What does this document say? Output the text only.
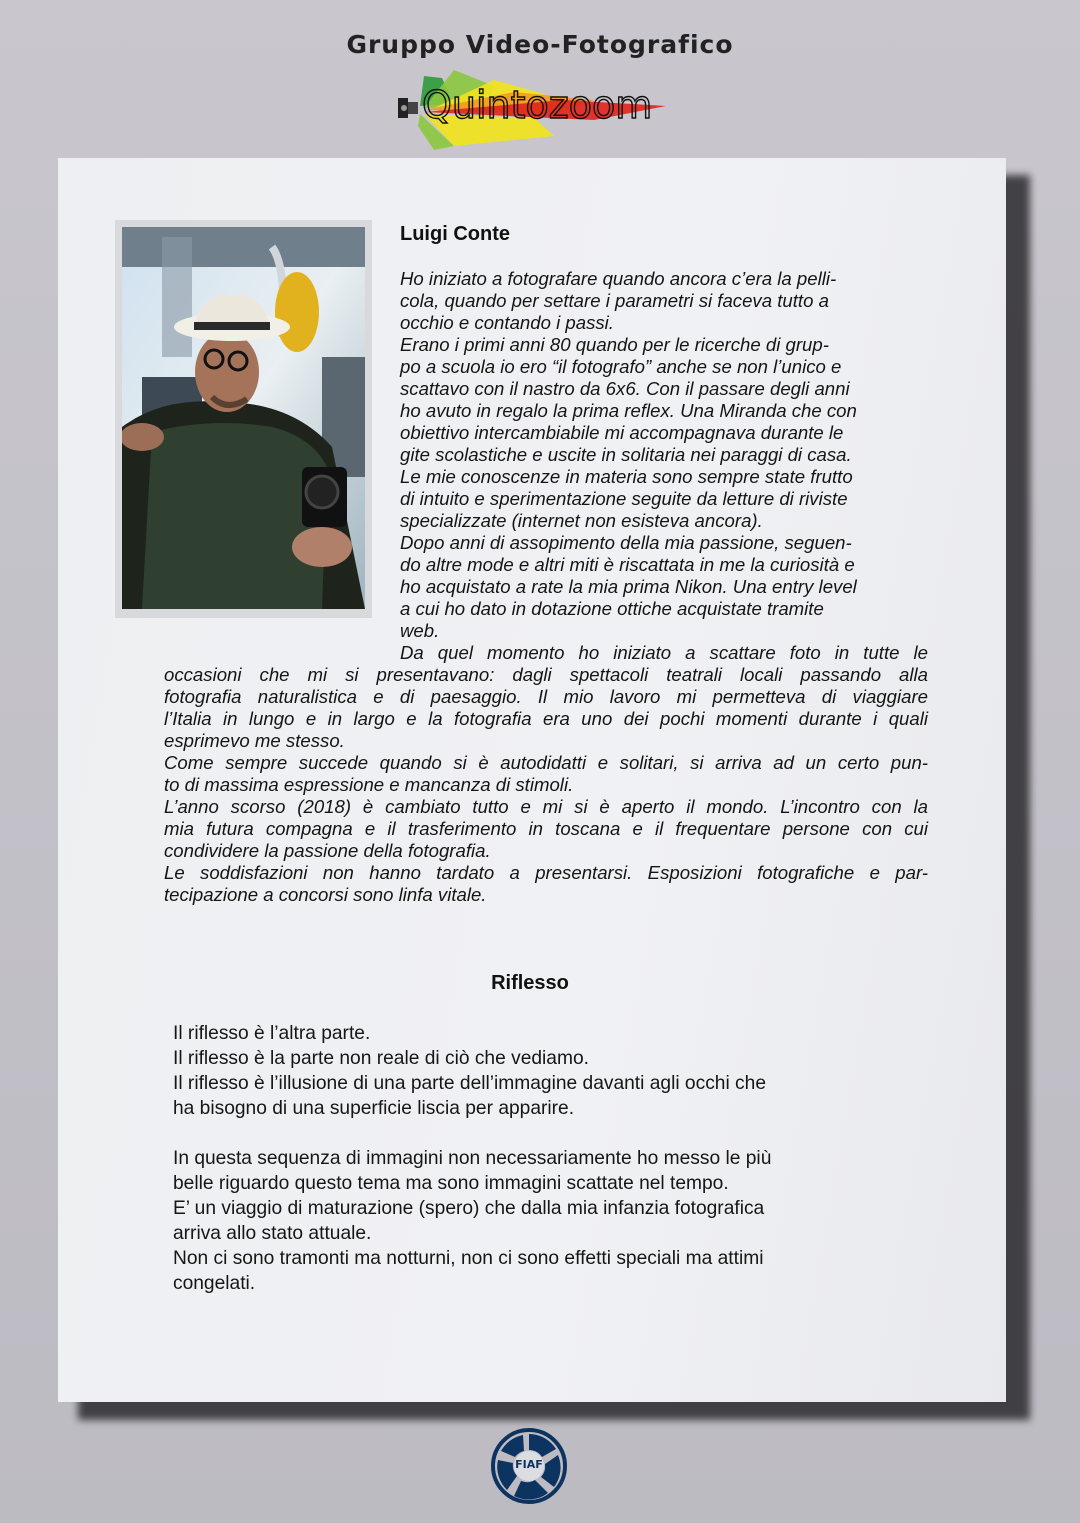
Gruppo Video-Fotografico
Quintozoom
Luigi Conte

Ho iniziato a fotografare quando ancora c’era la pelli-

cola, quando per settare i parametri si faceva tutto a

occhio e contando i passi.

Erano i primi anni 80 quando per le ricerche di grup-

po a scuola io ero “il fotografo” anche se non l’unico e

scattavo con il nastro da 6x6. Con il passare degli anni

ho avuto in regalo la prima reflex. Una Miranda che con

obiettivo intercambiabile mi accompagnava durante le

gite scolastiche e uscite in solitaria nei paraggi di casa.

Le mie conoscenze in materia sono sempre state frutto

di intuito e sperimentazione seguite da letture di riviste

specializzate (internet non esisteva ancora).

Dopo anni di assopimento della mia passione, seguen-

do altre mode e altri miti è riscattata in me la curiosità e

ho acquistato a rate la mia prima Nikon. Una entry level

a cui ho dato in dotazione ottiche acquistate tramite

web.

Da quel momento ho iniziato a scattare foto in tutte le

occasioni che mi si presentavano: dagli spettacoli teatrali locali passando alla

fotografia naturalistica e di paesaggio. Il mio lavoro mi permetteva di viaggiare

l’Italia in lungo e in largo e la fotografia era uno dei pochi momenti durante i quali

esprimevo me stesso.

Come sempre succede quando si è autodidatti e solitari, si arriva ad un certo pun-

to di massima espressione e mancanza di stimoli.

L’anno scorso (2018) è cambiato tutto e mi si è aperto il mondo. L’incontro con la

mia futura compagna e il trasferimento in toscana e il frequentare persone con cui

condividere la passione della fotografia.

Le soddisfazioni non hanno tardato a presentarsi. Esposizioni fotografiche e par-

tecipazione a concorsi sono linfa vitale.

Riflesso

Il riflesso è l’altra parte.

Il riflesso è la parte non reale di ciò che vediamo.

Il riflesso è l’illusione di una parte dell’immagine davanti agli occhi che

ha bisogno di una superficie liscia per apparire.

In questa sequenza di immagini non necessariamente ho messo le più

belle riguardo questo tema ma sono immagini scattate nel tempo.

E’ un viaggio di maturazione (spero) che dalla mia infanzia fotografica

arriva allo stato attuale.

Non ci sono tramonti ma notturni, non ci sono effetti speciali ma attimi

congelati.

FIAF
